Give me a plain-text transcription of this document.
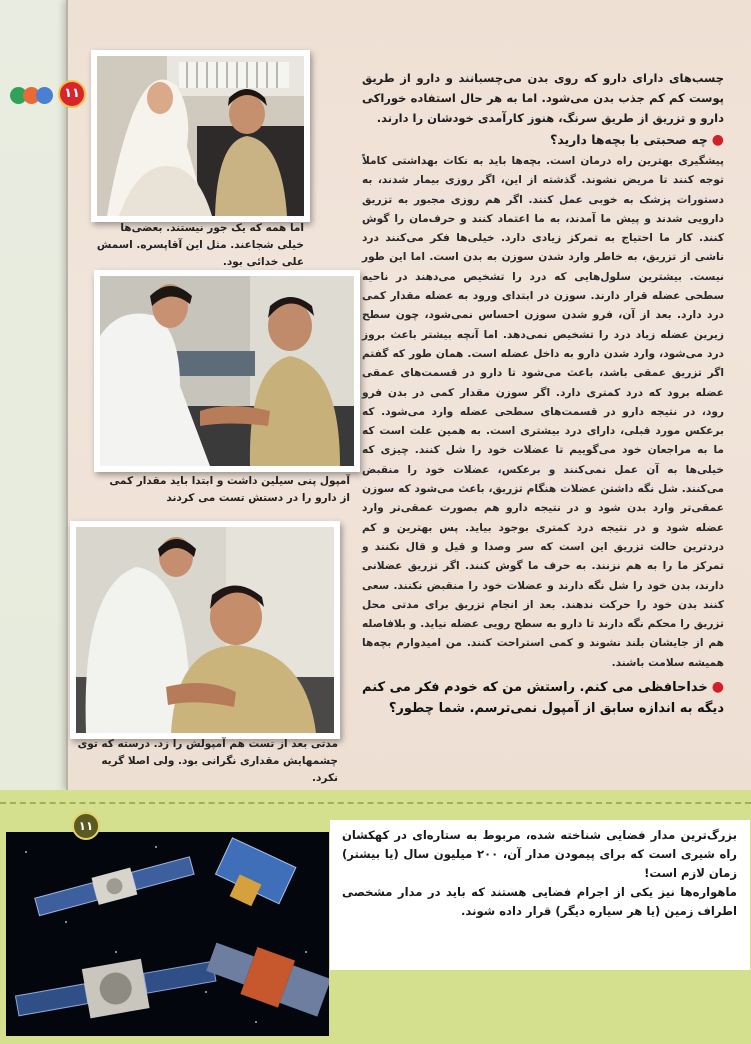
۱۱
اما همه که یک جور نیستند. بعضی‌ها خیلی شجاعند. مثل این آقاپسره. اسمش علی خدائی بود.
آمپول پنی سیلین داشت و ابتدا باید مقدار کمی از دارو را در دستش تست می کردند
مدتی بعد از تست هم آمپولش را زد. درسته که توی چشمهایش مقداری نگرانی بود. ولی اصلا گریه نکرد.

چسب‌های دارای دارو که روی بدن می‌چسبانند و دارو از طریق پوست کم کم جذب بدن می‌شود. اما به هر حال استفاده خوراکی دارو و تزریق از طریق سرنگ، هنوز کارآمدی خودشان را دارند.

●چه صحبتی با بچه‌ها دارید؟

پیشگیری بهترین راه درمان است. بچه‌ها باید به نکات بهداشتی کاملاً توجه کنند تا مریض نشوند. گذشته از این، اگر روزی بیمار شدند، به دستورات پزشک به خوبی عمل کنند. اگر هم روزی مجبور به تزریق دارویی شدند و پیش ما آمدند، به ما اعتماد کنند و حرف‌مان را گوش کنند. کار ما احتیاج به تمرکز زیادی دارد. خیلی‌ها فکر می‌کنند درد ناشی از تزریق، به خاطر وارد شدن سوزن به بدن است. اما این طور نیست. بیشترین سلول‌هایی که درد را تشخیص می‌دهند در ناحیه سطحی عضله قرار دارند. سوزن در ابتدای ورود به عضله مقدار کمی درد دارد. بعد از آن، فرو شدن سوزن احساس نمی‌شود، چون سطح زیرین عضله زیاد درد را تشخیص نمی‌دهد. اما آنچه بیشتر باعث بروز درد می‌شود، وارد شدن دارو به داخل عضله است. همان طور که گفتم اگر تزریق عمقی باشد، باعث می‌شود تا دارو در قسمت‌های عمقی عضله برود که درد کمتری دارد. اگر سوزن مقدار کمی در بدن فرو رود، در نتیجه دارو در قسمت‌های سطحی عضله وارد می‌شود. که برعکس مورد قبلی، دارای درد بیشتری است. به همین علت است که ما به مراجعان خود می‌گوییم تا عضلات خود را شل کنند. چیزی که خیلی‌ها به آن عمل نمی‌کنند و برعکس، عضلات خود را منقبض می‌کنند. شل نگه داشتن عضلات هنگام تزریق، باعث می‌شود که سوزن عمقی‌تر وارد بدن شود و در نتیجه دارو هم بصورت عمقی‌تر وارد عضله شود و در نتیجه درد کمتری بوجود بیاید. پس بهترین و کم دردترین حالت تزریق این است که سر وصدا و قیل و قال نکنند و تمرکز ما را به هم نزنند. به حرف ما گوش کنند. اگر تزریق عضلانی دارند، بدن خود را شل نگه دارند و عضلات خود را منقبض نکنند. سعی کنند بدن خود را حرکت ندهند. بعد از انجام تزریق برای مدتی محل تزریق را محکم نگه دارند تا دارو به سطح رویی عضله نیاید. و بلافاصله هم از جایشان بلند نشوند و کمی استراحت کنند. من امیدوارم بچه‌ها همیشه سلامت باشند.

●خداحافظی می کنم. راستش من که خودم فکر می کنم دیگه به اندازه سابق از آمپول نمی‌ترسم. شما چطور؟

۱۱

بزرگ‌ترین مدار فضایی شناخته شده، مربوط به ستاره‌ای در کهکشان راه شیری است که برای پیمودن مدار آن، ۲۰۰ میلیون سال (یا بیشتر) زمان لازم است!

ماهواره‌ها نیز یکی از اجرام فضایی هستند که باید در مدار مشخصی اطراف زمین (یا هر سیاره دیگر) قرار داده شوند.
